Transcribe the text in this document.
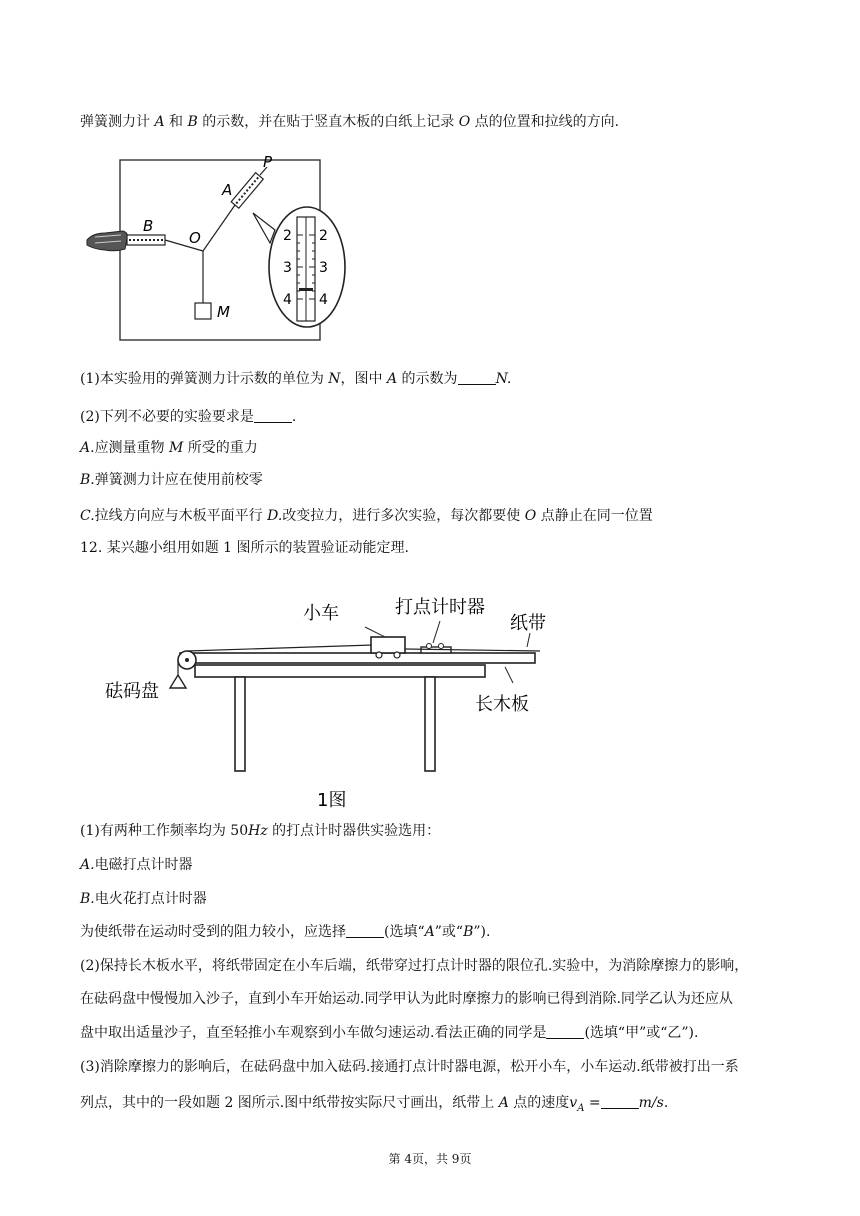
弹簧测力计 A 和 B 的示数，并在贴于竖直木板的白纸上记录 O 点的位置和拉线的方向.
2
3
4
2
3
4
B
O
A
P
M
(1)本实验用的弹簧测力计示数的单位为 N，图中 A 的示数为	N.
(2)下列不必要的实验要求是	.
A.应测量重物 M 所受的重力
B.弹簧测力计应在使用前校零
C.拉线方向应与木板平面平行 D.改变拉力，进行多次实验，每次都要使 O 点静止在同一位置
12. 某兴趣小组用如题 1 图所示的装置验证动能定理.
小车	打点计时器
纸带
砝码盘
长木板
1图
(1)有两种工作频率均为 50Hz 的打点计时器供实验选用：
A.电磁打点计时器
B.电火花打点计时器
为使纸带在运动时受到的阻力较小，应选择	(选填“A”或“B”).
(2)保持长木板水平，将纸带固定在小车后端，纸带穿过打点计时器的限位孔.实验中，为消除摩擦力的影响，
在砝码盘中慢慢加入沙子，直到小车开始运动.同学甲认为此时摩擦力的影响已得到消除.同学乙认为还应从
盘中取出适量沙子，直至轻推小车观察到小车做匀速运动.看法正确的同学是	(选填“甲”或“乙”).
(3)消除摩擦力的影响后，在砝码盘中加入砝码.接通打点计时器电源，松开小车，小车运动.纸带被打出一系
列点，其中的一段如题 2 图所示.图中纸带按实际尺寸画出，纸带上 A 点的速度$v_A$ =	m/s.
第 4页，共 9页
